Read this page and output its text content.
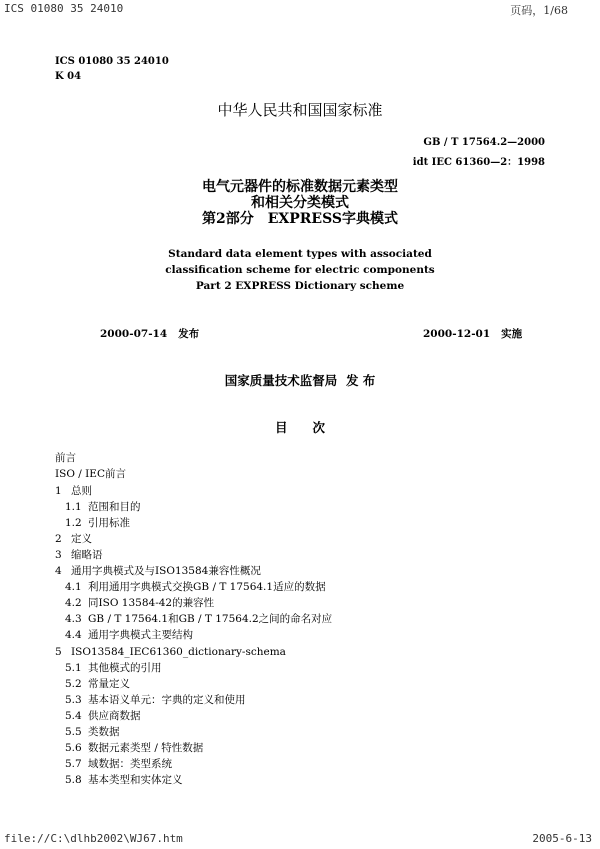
ICS 01080 35 24010	页码，1/68
ICS 01080 35 24010
K 04
中华人民共和国国家标准
GB / T 17564.2—2000
idt IEC 61360—2：1998
电气元器件的标准数据元素类型
和相关分类模式
第2部分　EXPRESS字典模式
Standard data element types with associated
classification scheme for electric components
Part 2 EXPRESS Dictionary scheme
2000-07-14 发布	2000-12-01 实施
国家质量技术监督局 发 布
目　　次
前言
ISO / IEC前言
1 总则
1.1 范围和目的
1.2 引用标准
2 定义
3 缩略语
4 通用字典模式及与ISO13584兼容性概况
4.1 利用通用字典模式交换GB / T 17564.1适应的数据
4.2 同ISO 13584-42的兼容性
4.3 GB / T 17564.1和GB / T 17564.2之间的命名对应
4.4 通用字典模式主要结构
5 ISO13584_IEC61360_dictionary-schema
5.1 其他模式的引用
5.2 常量定义
5.3 基本语义单元：字典的定义和使用
5.4 供应商数据
5.5 类数据
5.6 数据元素类型 / 特性数据
5.7 域数据：类型系统
5.8 基本类型和实体定义
file://C:\dlhb2002\WJ67.htm	2005-6-13
